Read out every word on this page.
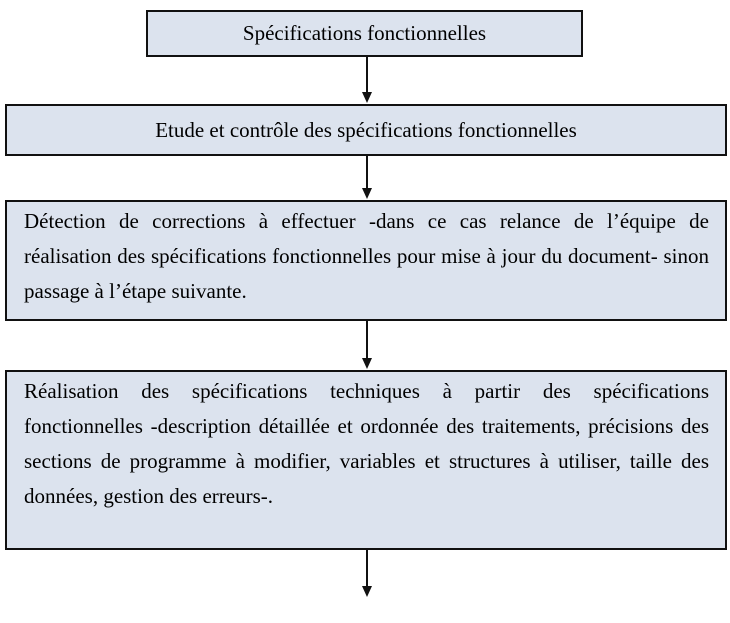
Spécifications fonctionnelles
Etude et contrôle des spécifications fonctionnelles
Détection de corrections à effectuer -dans ce cas relance de l’équipe de réalisation des spécifications fonctionnelles pour mise à jour du document- sinon passage à l’étape suivante.
Réalisation des spécifications techniques à partir des spécifications fonctionnelles -description détaillée et ordonnée des traitements, précisions des sections de programme à modifier, variables et structures à utiliser, taille des données, gestion des erreurs-.
